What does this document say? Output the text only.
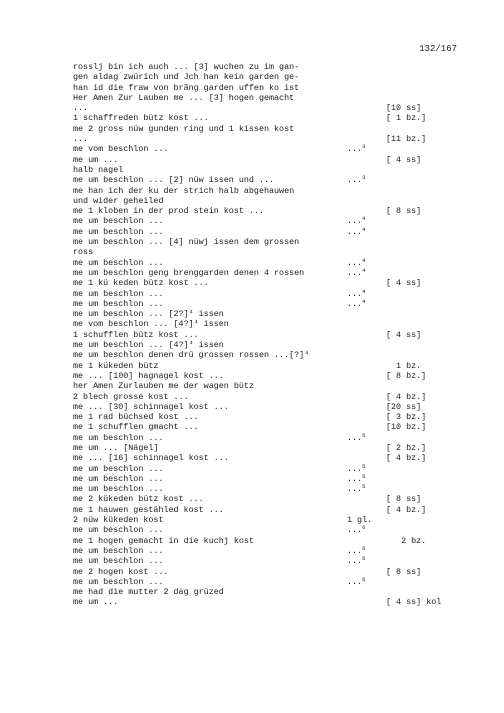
132/167
rosslj bin ich auch ... [3] wuchen zu im gan-
gen aldag zwürich und Jch han kein garden ge-
han id die fraw von brãng garden uffen ko ist
Her Amen Zur Lauben me ... [3] hogen gemacht
...	[10 ss]
1 schaffreden bütz kost ...	[ 1 bz.]
me 2 gross nüw gunden ring und 1 kissen kost
...	[11 bz.]
me vom beschlon ...	...$^3$
me um ...	[ 4 ss]
halb nagel
me um beschlon ... [2] nüw issen und ...	...$^3$
me han ich der ku der strich halb abgehauwen
und wider geheiled
me 1 kloben in der prod stein kost ...	[ 8 ss]
me um beschlon ...	...$^4$
me um beschlon ...	...$^4$
me um beschlon ... [4] nüwj issen dem grossen
ross
me um beschlon ...	...$^4$
me um beschlon geng brenggarden denen 4 rossen	...$^4$
me 1 kü keden bütz kost ...	[ 4 ss]
me um beschlon ...	...$^4$
me um beschlon ...	...$^4$
me um beschlon ... [2?]⁴ issen
me vom beschlon ... [4?]⁴ issen
1 schufflen bütz kost ...	[ 4 ss]
me um beschlon ... [4?]⁴ issen
me um beschlon denen drü grossen rossen ...[?]⁴
me 1 kükeden bütz	1 bz.
me ... [100] hagnagel kost ...	[ 8 bz.]
her Amen Zurlauben me der wagen bütz
2 blech grosse kost ...	[ 4 bz.]
me ... [30] schinnagel kost ...	[20 ss]
me 1 rad büchsed kost ...	[ 3 bz.]
me 1 schufflen gmacht ...	[10 bz.]
me um beschlon ...	...$^5$
me um ... [Nägel]	[ 2 bz.]
me ... [16] schinnagel kost ...	[ 4 bz.]
me um beschlon ...	...$^5$
me um beschlon ...	...$^5$
me um beschlon ...	...$^5$
me 2 kükeden bütz kost ...	[ 8 ss]
me 1 hauwen gestähled kost ...	[ 4 bz.]
2 nüw kükeden kost	1 gl.
me um beschlon ...	...$^6$
me 1 hogen gemacht in die kuchj kost	2 bz.
me um beschlon ...	...$^6$
me um beschlon ...	...$^6$
me 2 hogen kost ...	[ 8 ss]
me um beschlon ...	...$^6$
me had die mutter 2 dag grüzed
me um ...	[ 4 ss] kol
